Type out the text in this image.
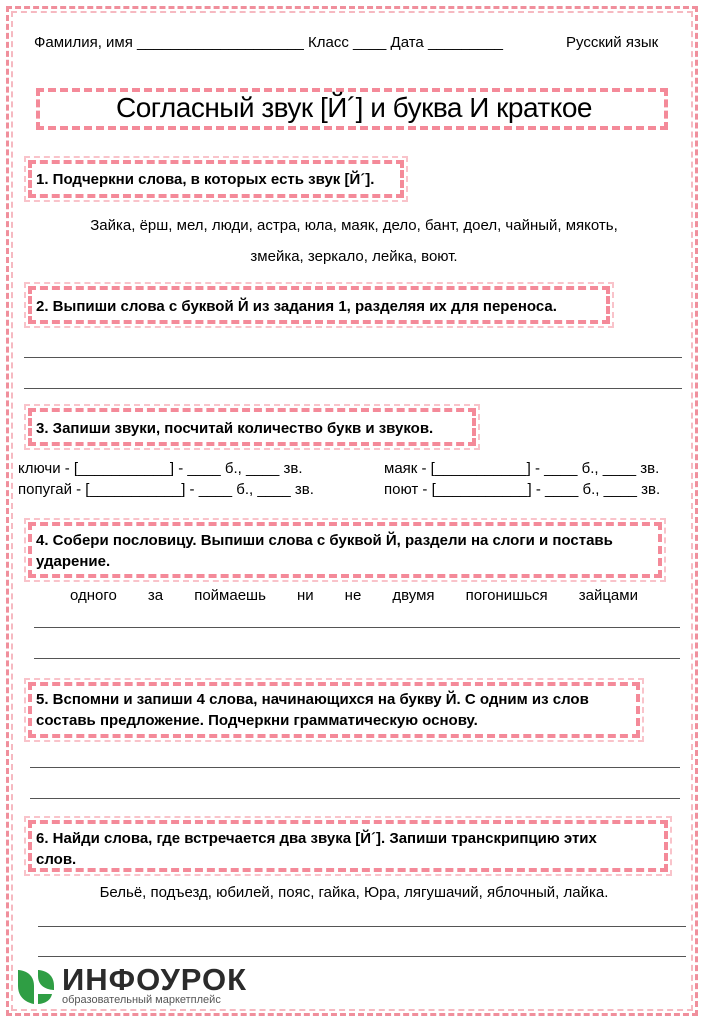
Фамилия, имя ____________________ Класс ____ Дата _________	Русский язык
Согласный звук [Й´] и буква И краткое
1. Подчеркни слова, в которых есть звук [Й´].
Зайка, ёрш, мел, люди, астра, юла, маяк, дело, бант, доел, чайный, мякоть,
змейка, зеркало, лейка, воют.
2. Выпиши слова с буквой Й из задания 1, разделяя их для переноса.
3. Запиши звуки, посчитай количество букв и звуков.
ключи - [___________] - ____ б., ____ зв.	маяк - [___________] - ____ б., ____ зв.
попугай - [___________] - ____ б., ____ зв.	поют - [___________] - ____ б., ____ зв.
4. Собери пословицу. Выпиши слова с буквой Й, раздели на слоги и поставь
ударение.
одного за поймаешь ни не двумя погонишься зайцами
5. Вспомни и запиши 4 слова, начинающихся на букву Й. С одним из слов
составь предложение. Подчеркни грамматическую основу.
6. Найди слова, где встречается два звука [Й´]. Запиши транскрипцию этих
слов.
Бельё, подъезд, юбилей, пояс, гайка, Юра, лягушачий, яблочный, лайка.
ИНФОУРОК
образовательный маркетплейс
